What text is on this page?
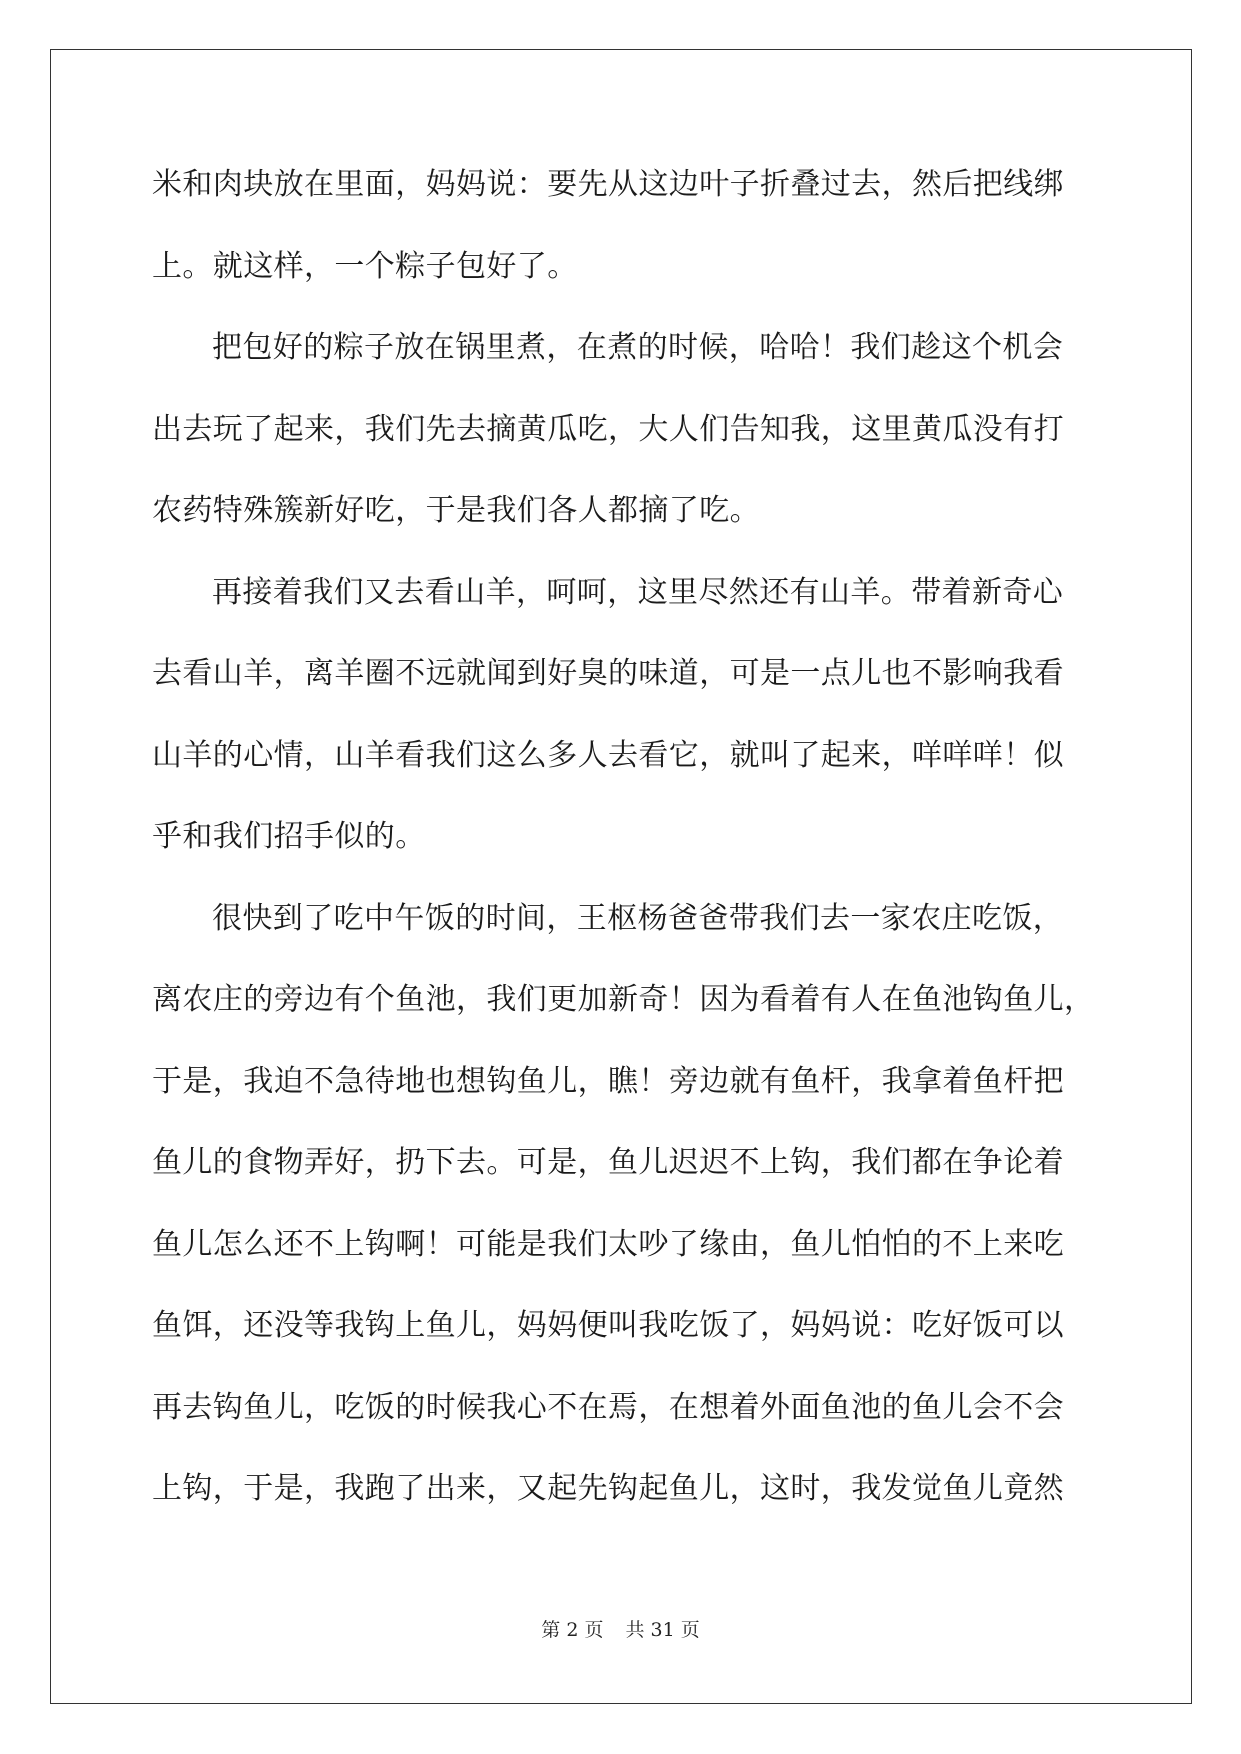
米和肉块放在里面，妈妈说：要先从这边叶子折叠过去，然后把线绑
上。就这样，一个粽子包好了。
把包好的粽子放在锅里煮，在煮的时候，哈哈！我们趁这个机会
出去玩了起来，我们先去摘黄瓜吃，大人们告知我，这里黄瓜没有打
农药特殊簇新好吃，于是我们各人都摘了吃。
再接着我们又去看山羊，呵呵，这里尽然还有山羊。带着新奇心
去看山羊，离羊圈不远就闻到好臭的味道，可是一点儿也不影响我看
山羊的心情，山羊看我们这么多人去看它，就叫了起来，咩咩咩！似
乎和我们招手似的。
很快到了吃中午饭的时间，王枢杨爸爸带我们去一家农庄吃饭，
离农庄的旁边有个鱼池，我们更加新奇！因为看着有人在鱼池钩鱼儿，
于是，我迫不急待地也想钩鱼儿，瞧！旁边就有鱼杆，我拿着鱼杆把
鱼儿的食物弄好，扔下去。可是，鱼儿迟迟不上钩，我们都在争论着
鱼儿怎么还不上钩啊！可能是我们太吵了缘由，鱼儿怕怕的不上来吃
鱼饵，还没等我钩上鱼儿，妈妈便叫我吃饭了，妈妈说：吃好饭可以
再去钩鱼儿，吃饭的时候我心不在焉，在想着外面鱼池的鱼儿会不会
上钩，于是，我跑了出来，又起先钩起鱼儿，这时，我发觉鱼儿竟然
第 2 页 共 31 页
